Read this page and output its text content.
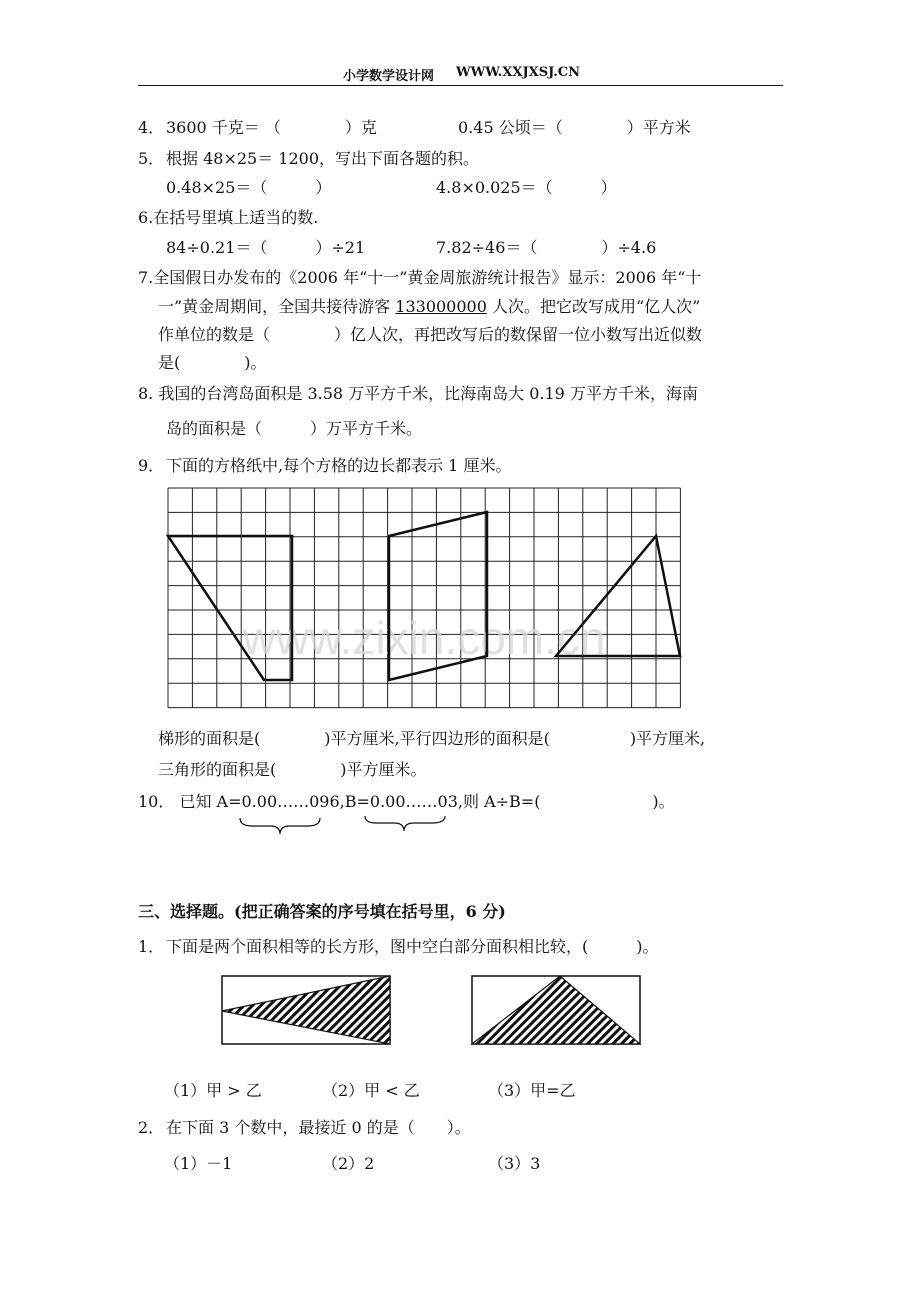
小学数学设计网 WWW.XXJXSJ.CN
4． 3600 千克＝ （　　　　）克	0.45 公顷＝（　　　　）平方米
5． 根据 48×25＝ 1200，写出下面各题的积。
0.48×25＝（　　　）	4.8×0.025＝（　　　）
6.在括号里填上适当的数.
84÷0.21＝（　　　）÷21	7.82÷46＝（　　　　）÷4.6
7.全国假日办发布的《2006 年“十一”黄金周旅游统计报告》显示：2006 年“十
一”黄金周期间，全国共接待游客 133000000 人次。把它改写成用“亿人次”
作单位的数是（　　　　）亿人次，再把改写后的数保留一位小数写出近似数
是(　　　　)。
8. 我国的台湾岛面积是 3.58 万平方千米，比海南岛大 0.19 万平方千米，海南
岛的面积是（　　　）万平方千米。
9． 下面的方格纸中,每个方格的边长都表示 1 厘米。
www.zixin.com.cn
梯形的面积是(　　　　)平方厘米,平行四边形的面积是(　　　　　)平方厘米,
三角形的面积是(　　　　)平方厘米。
10． 已知 A=0.00……096,B=0.00……03,则 A÷B=(　　　　　　　)。
三、选择题。(把正确答案的序号填在括号里，6 分)
1． 下面是两个面积相等的长方形，图中空白部分面积相比较，(　　　)。
（1）甲 > 乙	（2）甲 < 乙	（3）甲=乙
2． 在下面 3 个数中，最接近 0 的是（　　）。
（1）－1	（2）2	（3）3
